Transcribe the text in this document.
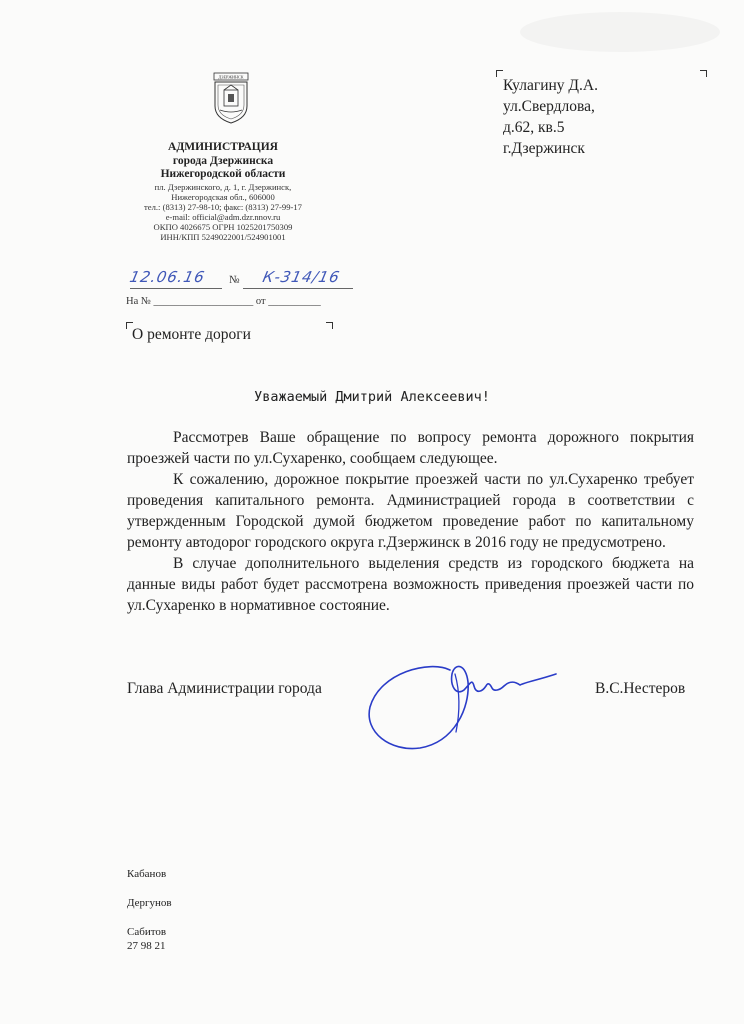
ДЗЕРЖИНСК
АДМИНИСТРАЦИЯ
города Дзержинска
Нижегородской области
пл. Дзержинского, д. 1, г. Дзержинск,
Нижегородская обл., 606000
тел.: (8313) 27-98-10; факс: (8313) 27-99-17
e-mail: official@adm.dzr.nnov.ru
ОКПО 4026675 ОГРН 1025201750309
ИНН/КПП 5249022001/524901001
12.06.16 № К-314/16
На № ___________________ от __________
О ремонте дороги
Кулагину Д.А.
ул.Свердлова,
д.62, кв.5
г.Дзержинск
Уважаемый Дмитрий Алексеевич!

Рассмотрев Ваше обращение по вопросу ремонта дорожного покрытия проезжей части по ул.Сухаренко, сообщаем следующее.

К сожалению, дорожное покрытие проезжей части по ул.Сухаренко требует проведения капитального ремонта. Администрацией города в соответствии с утвержденным Городской думой бюджетом проведение работ по капитальному ремонту автодорог городского округа г.Дзержинск в 2016 году не предусмотрено.

В случае дополнительного выделения средств из городского бюджета на данные виды работ будет рассмотрена возможность приведения проезжей части по ул.Сухаренко в нормативное состояние.

Глава Администрации города	В.С.Нестеров
Кабанов
Дергунов
Сабитов
27 98 21
